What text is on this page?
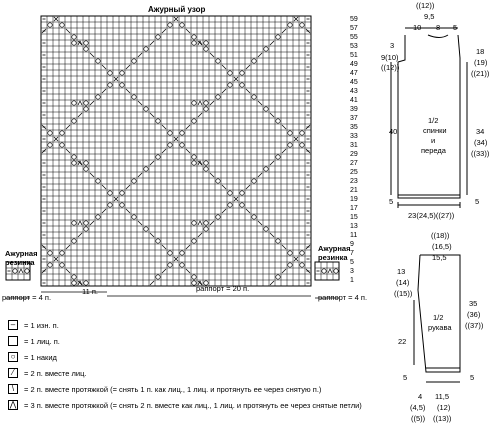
Ажурный узор
Ажурная
резинка
Ажурная
резинка
раппорт = 4 п.
11 п.	раппорт = 20 п.
раппорт = 4 п.
59
57
55
53
51
49
47
45
43
41
39
37
35
33
31
29
27
25
23
21
19
17
15
13
11
9
7
5
3
1
–	= 1 изн. п.
= 1 лиц. п.
○	= 1 накид
⁄	= 2 п. вместе лиц.
\	= 2 п. вместе протяжкой (= снять 1 п. как лиц., 1 лиц. и протянуть ее через снятую п.)
⋀ = 3 п. вместе протяжкой (= снять 2 п. вместе как лиц., 1 лиц. и протянуть ее через снятые петли)
((12))
9,5
10 8 5
3
9(10)
((12))
18
(19)
((21))
40
1/2
спинки
и
переда
34
(34)
((33))
5	5
23(24,5)((27))
((18))
(16,5)
15,5
13
(14)
((15))
1/2
рукава
35
(36)
((37))
22
5	5
4 11,5
(4,5) (12)
((5)) ((13))
